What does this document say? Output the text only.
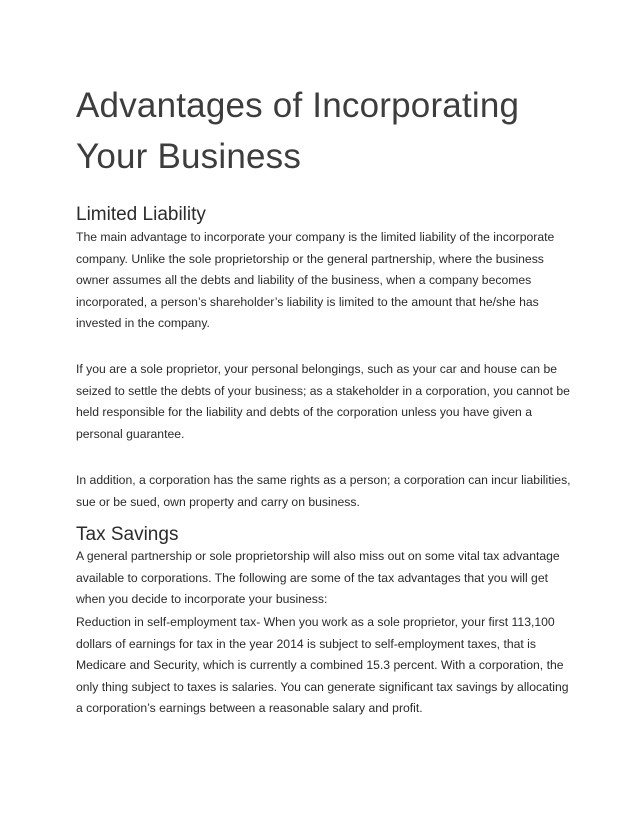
Advantages of Incorporating Your Business
Limited Liability

The main advantage to incorporate your company is the limited liability of the incorporate company. Unlike the sole proprietorship or the general partnership, where the business owner assumes all the debts and liability of the business, when a company becomes incorporated, a person’s shareholder’s liability is limited to the amount that he/she has invested in the company.

If you are a sole proprietor, your personal belongings, such as your car and house can be seized to settle the debts of your business; as a stakeholder in a corporation, you cannot be held responsible for the liability and debts of the corporation unless you have given a personal guarantee.

In addition, a corporation has the same rights as a person; a corporation can incur liabilities, sue or be sued, own property and carry on business.

Tax Savings

A general partnership or sole proprietorship will also miss out on some vital tax advantage available to corporations. The following are some of the tax advantages that you will get when you decide to incorporate your business:

Reduction in self-employment tax- When you work as a sole proprietor, your first 113,100 dollars of earnings for tax in the year 2014 is subject to self-employment taxes, that is Medicare and Security, which is currently a combined 15.3 percent. With a corporation, the only thing subject to taxes is salaries. You can generate significant tax savings by allocating a corporation’s earnings between a reasonable salary and profit.
